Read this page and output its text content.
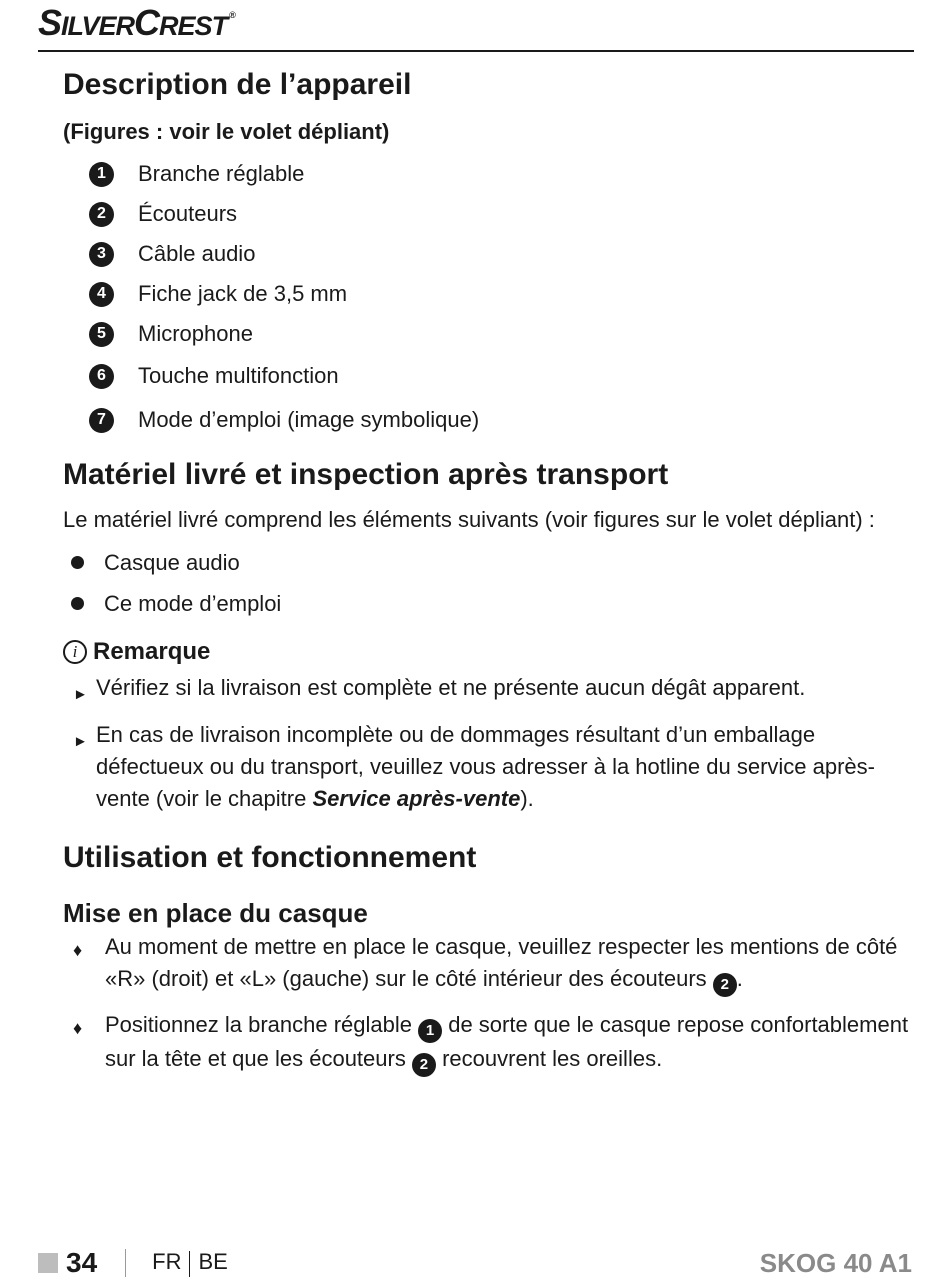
SILVERCREST ®
Description de l’appareil
(Figures : voir le volet dépliant)
1	Branche réglable
2	Écouteurs
3	Câble audio
4	Fiche jack de 3,5 mm
5	Microphone
6	Touche multifonction
7	Mode d’emploi (image symbolique)
Matériel livré et inspection après transport

Le matériel livré comprend les éléments suivants (voir figures sur le volet dépliant) :

Casque audio
Ce mode d’emploi
i Remarque
► Vérifiez si la livraison est complète et ne présente aucun dégât apparent.
► En cas de livraison incomplète ou de dommages résultant d’un emballage défectueux ou du transport, veuillez vous adresser à la hotline du service après-vente (voir le chapitre Service après-vente).
Utilisation et fonctionnement
Mise en place du casque
♦	Au moment de mettre en place le casque, veuillez respecter les mentions de côté «R» (droit) et «L» (gauche) sur le côté intérieur des écouteurs 2 .
♦	Positionnez la branche réglable 1 de sorte que le casque repose confortablement sur la tête et que les écouteurs 2 recouvrent les oreilles.
34	FR BE	SKOG 40 A1
